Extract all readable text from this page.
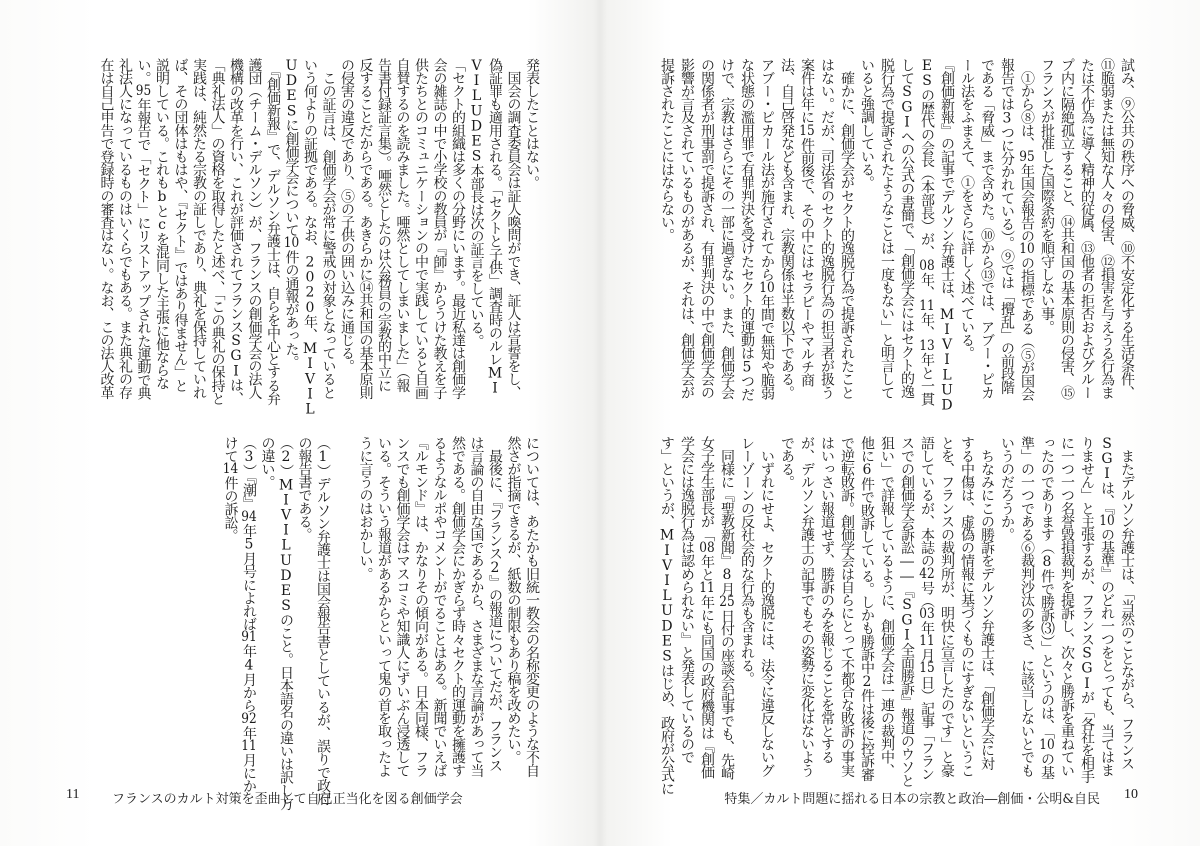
試み、⑨公共の秩序への脅威、⑩不安定化する生活条件、
⑪脆弱または無知な人々の侵害、⑫損害を与えうる行為ま
たは不作為に導く精神的従属、⑬他者の拒否およびグルー
プ内に隔絶孤立すること、⑭共和国の基本原則の侵害、⑮
フランスが批准した国際条約を順守しない事。
　①から⑧は、95年国会報告の10の指標である（⑤が国会
報告では3つに分かれている）。⑨では「攪乱」の前段階
である「脅威」まで含めた。⑩から⑬では、アブー・ピカ
ール法をふまえて、①をさらに詳しく述べている。
『創価新報』の記事でデルソン弁護士は、MIVILUD
ESの歴代の会長（本部長）が、08年、11年、13年と一貫
してSGIへの公式の書簡で、「創価学会にはセクト的逸
脱行為で提訴されたようなことは一度もない」と明言して
いると強調している。
　確かに、創価学会がセクト的逸脱行為で提訴されたこと
はない。だが、司法省のセクト的逸脱行為の担当者が扱う
案件は年に15件前後で、その中にはセラピーやマルチ商
法、自己啓発なども含まれ、宗教関係は半数以下である。
アブー・ピカール法が施行されてから10年間で無知や脆弱
な状態の濫用罪で有罪判決を受けたセクト的運動は5つだ
けで、宗教はさらにその一部に過ぎない。また、創価学会
の関係者が刑事罰で提訴され、有罪判決の中で創価学会の
影響が言及されているものがあるが、それは、創価学会が
提訴されたことにはならない。
　またデルソン弁護士は、「当然のことながら、フランス
SGIは、『10の基準』のどれ一つをとっても、当てはま
りません」と主張するが、フランスSGIが「各社を相手
に一つ一つ名誉毀損裁判を提訴し、次々と勝訴を重ねてい
ったのであります（8件で勝訴⑶）」というのは、「10の基
準」の一つである⑥裁判沙汰の多さ、に該当しないとでも
いうのだろうか。
　ちなみにこの勝訴をデルソン弁護士は、「創価学会に対
する中傷は、虚偽の情報に基づくものにすぎないというこ
とを、フランスの裁判所が、明快に宣言したのです」と豪
語しているが、本誌の42号（03年11月15日）記事「フラン
スでの創価学会訴訟――『SGI全面勝訴』報道のウソと
狙い」で詳報しているように、創価学会は一連の裁判中、
他に6件で敗訴している。しかも勝訴中2件は後に控訴審
で逆転敗訴。創価学会は自らにとって不都合な敗訴の事実
はいっさい報道せず、勝訴のみを報じることを常とする
が、デルソン弁護士の記事でもその姿勢に変化はないよう
である。
　いずれにせよ、セクト的逸脱には、法令に違反しないグ
レーゾーンの反社会的な行為も含まれる。
　同様に『聖教新聞』8月25日付の座談会記事でも、先崎
女子学生部長が「08年と11年にも同国の政府機関は『創価
学会には逸脱行為は認められない』と発表しているので
す」というが、MIVILUDESはじめ、政府が公式に
発表したことはない。
　国会の調査委員会は証人喚問ができ、証人は宣誓をし、
偽証罪も適用される。「セクトと子供」調査時のルレMI
VILUDES本部長は次の証言をしている。
「セクト的組織は多くの分野にいます。最近私達は創価学
会の雑誌の中で小学校の教員が『師』からうけた教えを子
供たちとのコミュニケーションの中で実践していると自画
自賛するのを読みました。唖然としてしまいました」（報
告書付録証言集）。唖然としたのは公務員の宗教的中立に
反することだからである。あきらかに⑭共和国の基本原則
の侵害の違反であり、⑤の子供の囲い込みに通じる。
　この証言は、創価学会が常に警戒の対象となっていると
いう何よりの証拠である。なお、2020年、MIVIL
UDESに創価学会について10件の通報があった。
　『創価新報』で、デルソン弁護士は、自らを中心とする弁
護団（チーム・デルソン）が、フランスの創価学会の法人
機構の改革を行い、これが評価されてフランスSGIは、
「典礼法人」の資格を取得したと述べ、「この典礼の保持と
実践は、純然たる宗教の証しであり、典礼を保持していれ
ば、その団体はもはや、『セクト』ではあり得ません」と
説明している。これもbとcを混同した主張に他ならな
い。95年報告で「セクト」にリストアップされた運動で典
礼法人になっているものはいくらでもある。また典礼の存
在は自己申告で登録時の審査はない。なお、この法人改革
については、あたかも旧統一教会の名称変更のような不自
然さが指摘できるが、紙数の制限もあり稿を改めたい。
　最後に、『フランス2』の報道についてだが、フランス
は言論の自由な国であるから、さまざまな言論があって当
然である。創価学会にかぎらず時々セクト的運動を擁護す
るようなルポやコメントがでることはある。新聞でいえば
『ルモンド』は、かなりその傾向がある。日本同様、フラ
ンスでも創価学会はマスコミや知識人にずいぶん浸透して
いる。そういう報道があるからといって鬼の首を取ったよ
うに言うのはおかしい。
（1）デルソン弁護士は国会報告書としているが、誤りで政府
の報告書である。
（2）MIVILUDESのこと。日本語名の違いは訳し方
の違い。
（3）『潮』94年5月号によれば91年4月から92年11月にか
けて14件の訴訟。
11	フランスのカルト対策を歪曲して自己正当化を図る創価学会	特集／カルト問題に揺れる日本の宗教と政治―創価・公明&自民 10
